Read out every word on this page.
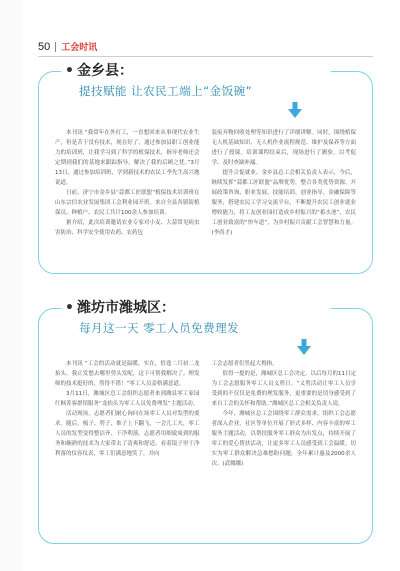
50 工会时讯
• 金乡县：
提技赋能 让农民工端上“金饭碗”

本刊讯 “我常年在外打工，一直想回来从事现代农业生产，但是苦于没有技术，现在好了，通过参加县职工创业能力的培训班，让我学习到了科学的植保技术，指导老师还会定期到我们的基地来跟踪指导，解决了我的后顾之忧。”3月13日，通过参加培训班，学到新技术的农民工李先生高兴地说道。

日前，济宁市金乡县“蒜都工匠联盟”植保技术培训班在山东宗信农业发展集团工会利业园开班。来自全县各镇街植保员、种植户、农民工共计100余人参加培训。

据介绍，此次培训邀请农业专家对小麦、大蒜常见病虫害防治、科学安全使用农药、农药包

装废弃物回收处理等知识进行了详细讲解。同时，围绕植保无人机基础知识、无人机作业流程规范、维护及保养等方面进行了授课。培训课程结束后，现场进行了测验，以考促学、及时查缺补漏。

提升合促就业。金乡县总工会相关负责人表示，今后，继续发挥“蒜都工匠联盟”品牌优势，整合各类优势资源，开展政策咨询、职业发展、技能培训、创业指导、金融保障等服务，搭建农民工学习交流平台，不断提升农民工创业就业增收能力，将工友创业园打造成乡村振兴的“蓄水池”，农民工创业致富的“快车道”，为乡村振兴贡献工会智慧和力量。(李尚才)

• 潍坊市潍城区：
每月这一天 零工人员免费理发

本刊讯 “工会的活动就是温暖，实在，恰逢二月初二龙抬头，我正发愁去哪里剪头发呢，这下可帮我解决了。理发师的技术挺好的，剪得不错！”零工人员姜格满意道。

3月11日，潍城区总工会组织志愿者来到潍县零工家园红枫菁客群馆服务“龙抬头为零工人员免费理发”主题活动。

活动现场，志愿者们耐心询问在场零工人员对发型的要求。随后，梳子、剪子、推子上下翻飞，一会儿工夫，零工人员的发型变得整洁齐、干净利落。志愿者用细致周到的服务和娴熟的技术为大家带去了清爽和舒适，看着镜子里干净利落的仪容仪表，零工们满意地笑了，并向

工会志愿者们竖起大拇指。

值得一提的是，潍城区总工会决定，以后每月的11日定为工会志愿服务零工人员义剪日。“义剪活动让零工人员享受到的不仅仅是免费的理发服务，更重要的是切身感受到了来自工会的关怀和帮助。”潍城区总工会相关负责人说。

今年，潍城区总工会围绕零工群众需求，组织工会志愿者深入企业，社区等单位开展了形式多样、内容丰富的零工服务主题活动，以帮扶服务零工群众为出发点，持续开展了零工的爱心帮扶活动，让更多零工人员感受到工会温暖。切实为零工群众解决急难愁盼问题，全年累计惠及2000余人次。(武娜娜)
